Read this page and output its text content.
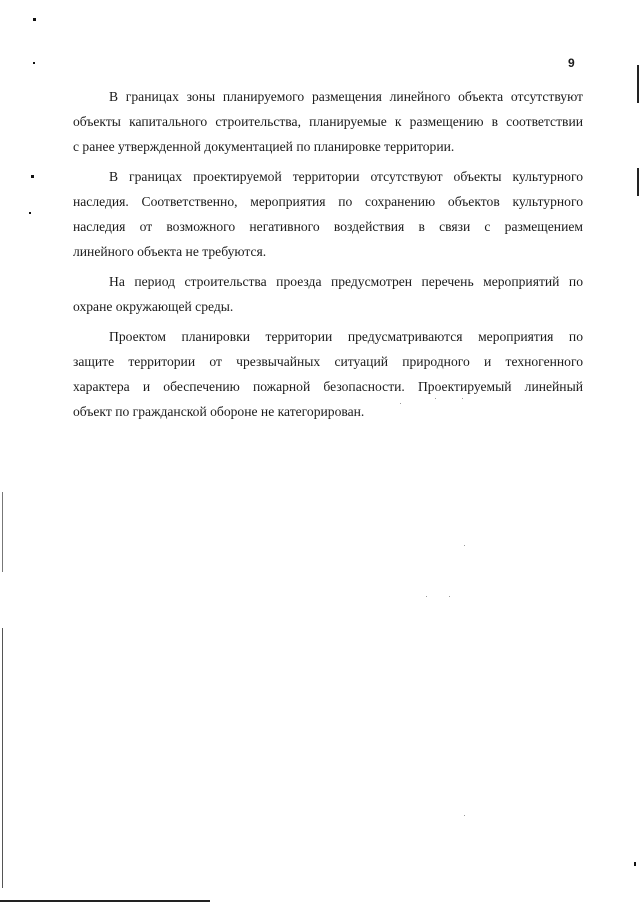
9
В границах зоны планируемого размещения линейного объекта отсутствуют
объекты капитального строительства, планируемые к размещению в соответствии
с ранее утвержденной документацией по планировке территории.
В границах проектируемой территории отсутствуют объекты культурного
наследия. Соответственно, мероприятия по сохранению объектов культурного
наследия от возможного негативного воздействия в связи с размещением
линейного объекта не требуются.
На период строительства проезда предусмотрен перечень мероприятий по
охране окружающей среды.
Проектом планировки территории предусматриваются мероприятия по
защите территории от чрезвычайных ситуаций природного и техногенного
характера и обеспечению пожарной безопасности. Проектируемый линейный
объект по гражданской обороне не категорирован.
